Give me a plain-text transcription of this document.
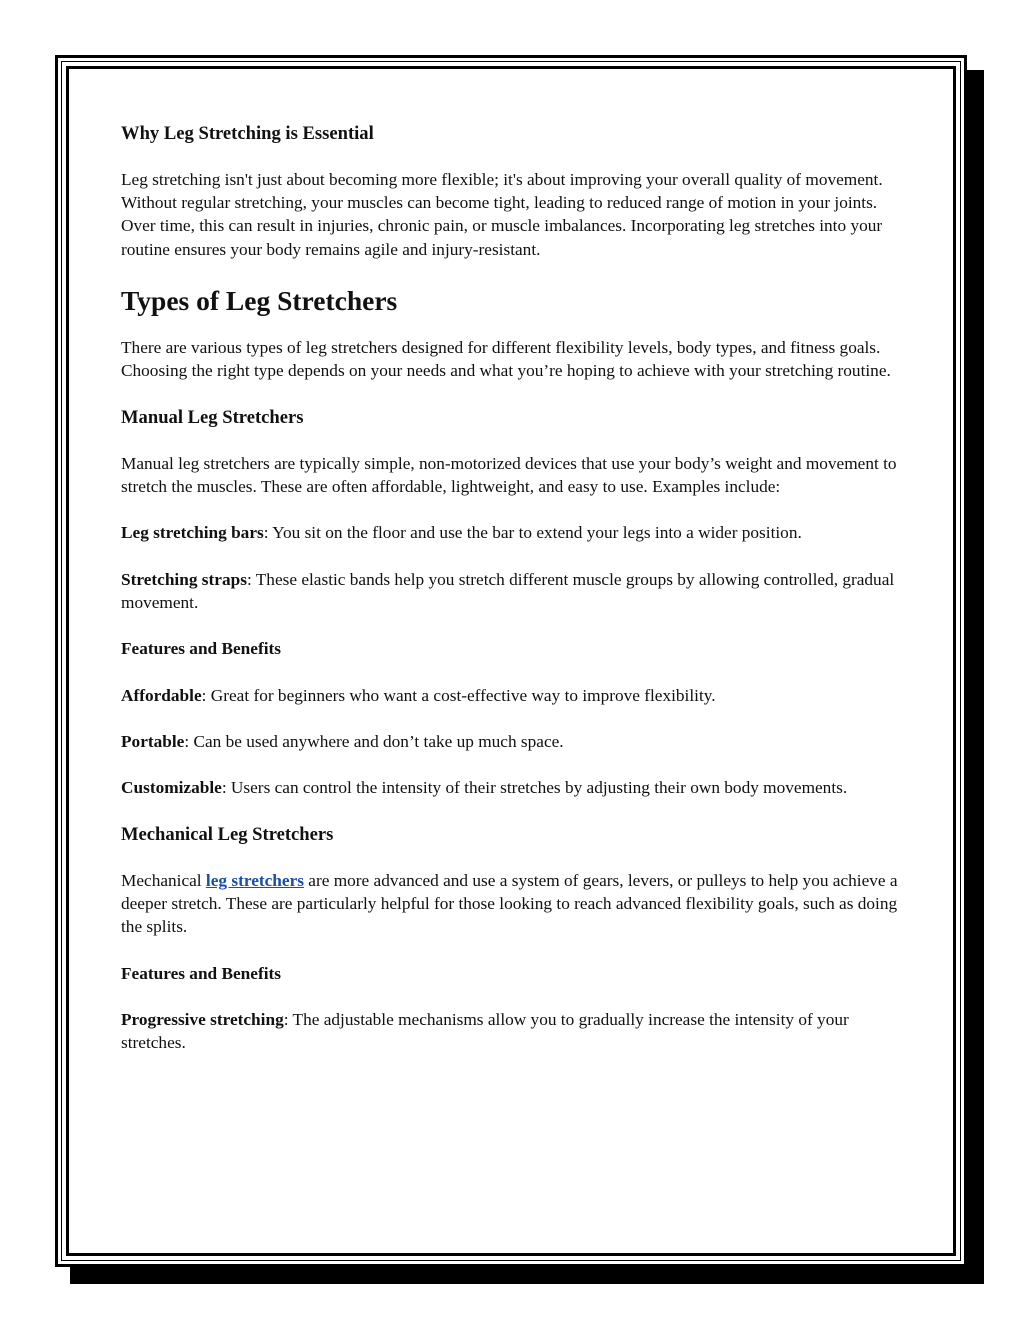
Why Leg Stretching is Essential

Leg stretching isn't just about becoming more flexible; it's about improving your overall quality of movement. Without regular stretching, your muscles can become tight, leading to reduced range of motion in your joints. Over time, this can result in injuries, chronic pain, or muscle imbalances. Incorporating leg stretches into your routine ensures your body remains agile and injury-resistant.

Types of Leg Stretchers

There are various types of leg stretchers designed for different flexibility levels, body types, and fitness goals. Choosing the right type depends on your needs and what you’re hoping to achieve with your stretching routine.

Manual Leg Stretchers

Manual leg stretchers are typically simple, non-motorized devices that use your body’s weight and movement to stretch the muscles. These are often affordable, lightweight, and easy to use. Examples include:

Leg stretching bars: You sit on the floor and use the bar to extend your legs into a wider position.

Stretching straps: These elastic bands help you stretch different muscle groups by allowing controlled, gradual movement.

Features and Benefits

Affordable: Great for beginners who want a cost-effective way to improve flexibility.

Portable: Can be used anywhere and don’t take up much space.

Customizable: Users can control the intensity of their stretches by adjusting their own body movements.

Mechanical Leg Stretchers

Mechanical leg stretchers are more advanced and use a system of gears, levers, or pulleys to help you achieve a deeper stretch. These are particularly helpful for those looking to reach advanced flexibility goals, such as doing the splits.

Features and Benefits

Progressive stretching: The adjustable mechanisms allow you to gradually increase the intensity of your stretches.
